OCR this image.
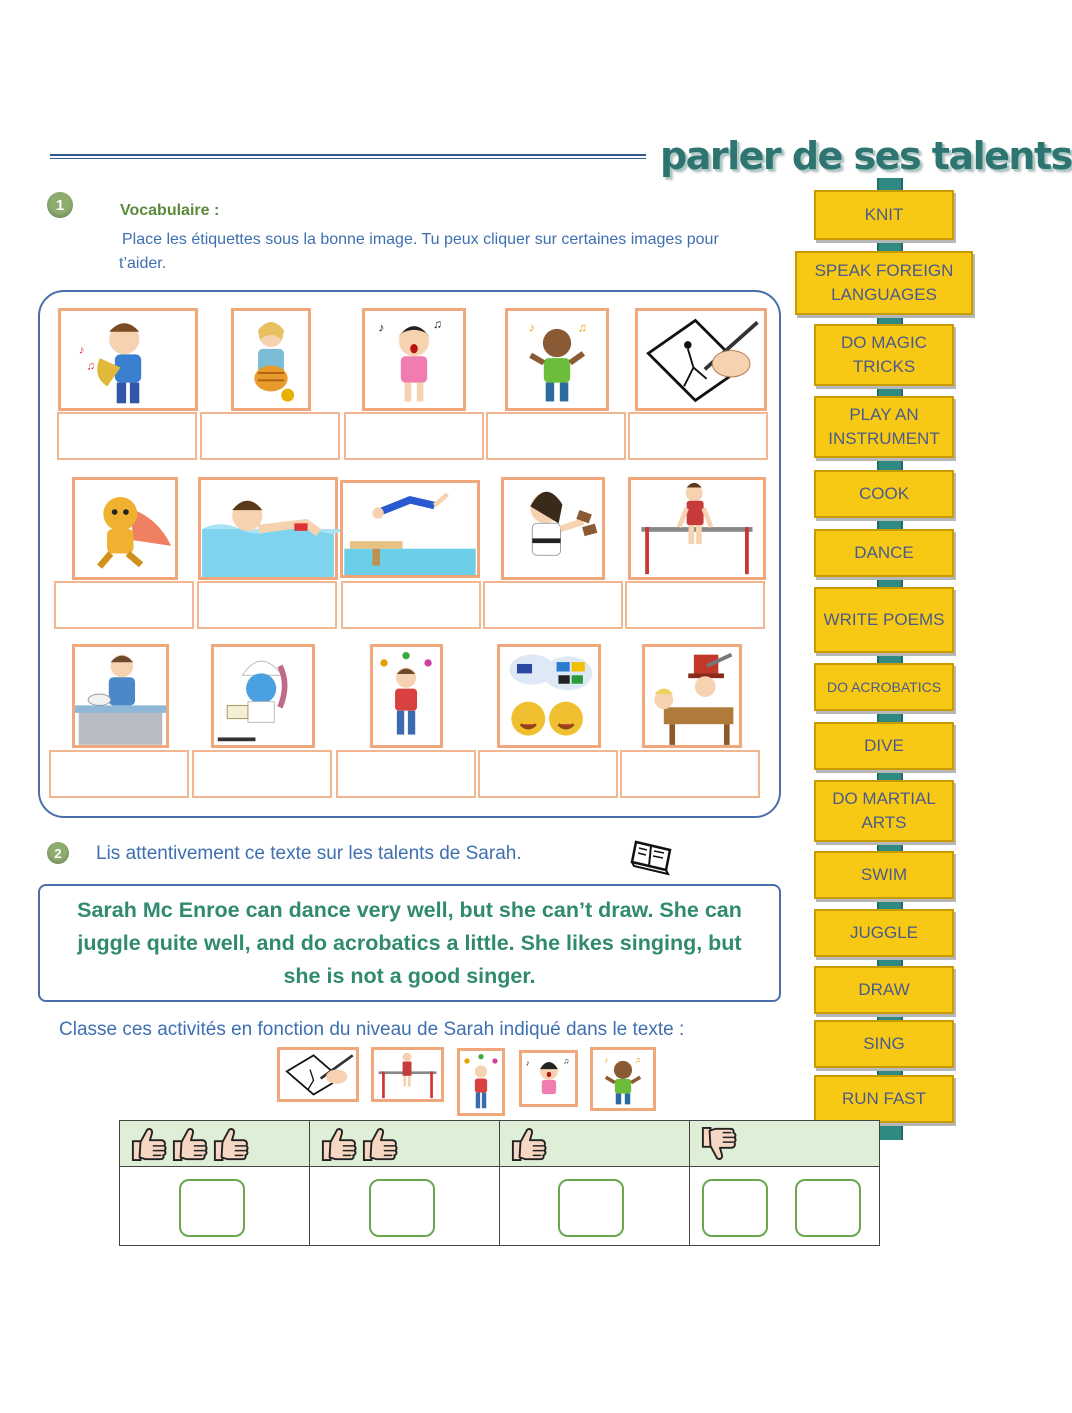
parler de ses talents
1	Vocabulaire :
Place les étiquettes sous la bonne image. Tu peux cliquer sur certaines images pour t’aider.
♪
♫
♪	♫	♪	♫
KNIT
SPEAK FOREIGN LANGUAGES
DO MAGIC TRICKS
PLAY AN INSTRUMENT
COOK
DANCE
WRITE POEMS
DO ACROBATICS
DIVE
DO MARTIAL ARTS
SWIM
JUGGLE
DRAW
SING
RUN FAST
2	Lis attentivement ce texte sur les talents de Sarah.
Sarah Mc Enroe can dance very well, but she can’t draw. She can juggle quite well, and do acrobatics a little. She likes singing, but she is not a good singer.
Classe ces activités en fonction du niveau de Sarah indiqué dans le texte :
♪	♫	♪	♫
